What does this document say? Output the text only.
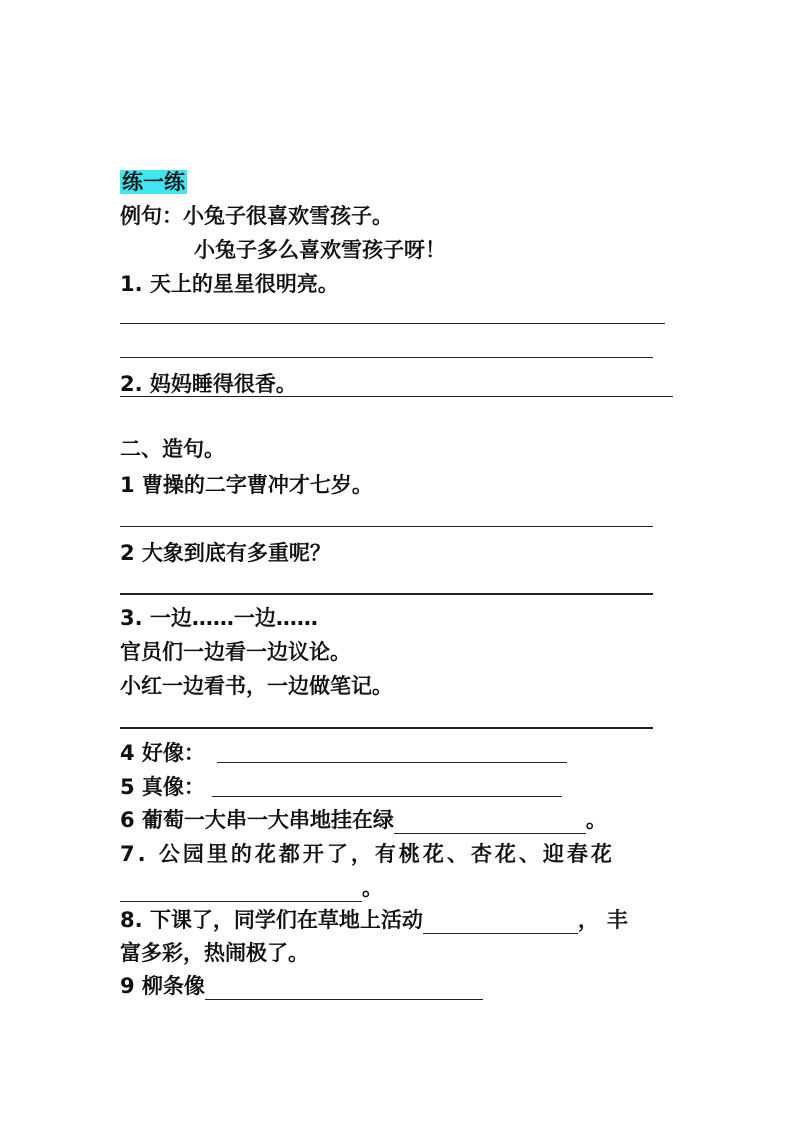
练一练
例句：小兔子很喜欢雪孩子。
小兔子多么喜欢雪孩子呀！
1. 天上的星星很明亮。
2. 妈妈睡得很香。
二、造句。
1 曹操的二字曹冲才七岁。
2 大象到底有多重呢？
3. 一边……一边……
官员们一边看一边议论。
小红一边看书，一边做笔记。
4 好像：
5 真像：
6 葡萄一大串一大串地挂在绿	。
7. 公园里的花都开了，有桃花、杏花、迎春花
。
8. 下课了，同学们在草地上活动	，丰
富多彩，热闹极了。
9 柳条像
